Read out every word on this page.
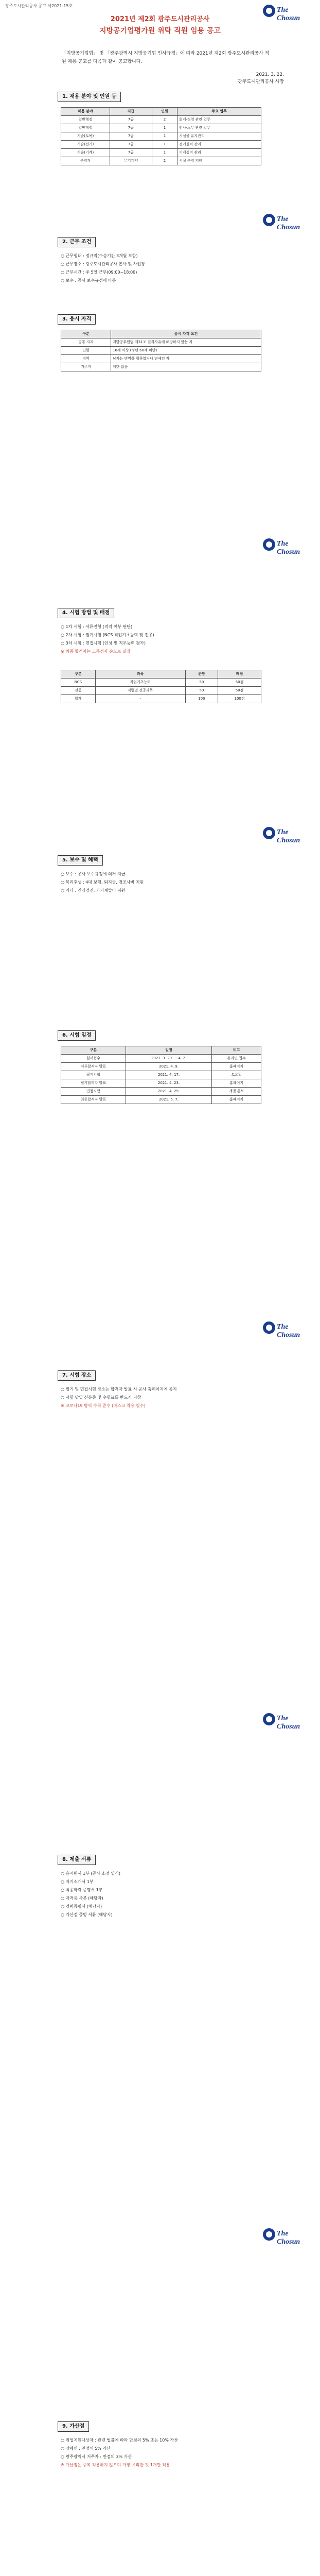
광주도시관리공사 공고 제2021-15호
The Chosun
2021년 제2회 광주도시관리공사
지방공기업평가원 위탁 직원 임용 공고
「지방공기업법」 및 「광주광역시 지방공기업 인사규정」에 따라 2021년 제2회 광주도시관리공사 직원 채용 공고를 다음과 같이 공고합니다.
2021. 3. 22.
광주도시관리공사 사장
1. 채용 분야 및 인원 등
채용 분야	직급	인원	주요 업무
일반행정	7급	2	회계·경영 관련 업무
일반행정	7급	1	인사·노무 관련 업무
기술(토목)	7급	1	시설물 유지관리
기술(전기)	7급	1	전기설비 관리
기술(기계)	7급	1	기계설비 관리
운영직	무기계약	2	시설 운영 지원
The Chosun
2. 근무 조건

○ 근무형태 : 정규직(수습기간 3개월 포함)

○ 근무장소 : 광주도시관리공사 본사 및 사업장

○ 근무시간 : 주 5일 근무(09:00~18:00)

○ 보수 : 공사 보수규정에 따름

3. 응시 자격
구분	응시 자격 요건
공통 자격	지방공무원법 제31조 결격사유에 해당하지 않는 자
연령	18세 이상 (정년 60세 미만)
병역	남자는 병역을 필하였거나 면제된 자
거주지	제한 없음
The Chosun
4. 시험 방법 및 배점

○ 1차 시험 : 서류전형 (적격 여부 판단)

○ 2차 시험 : 필기시험 (NCS 직업기초능력 및 전공)

○ 3차 시험 : 면접시험 (인성 및 직무능력 평가)

※ 최종 합격자는 고득점자 순으로 결정

구분	과목	문항	배점
NCS	직업기초능력	50	50점
전공	직렬별 전공과목	50	50점
합계	-	100	100점
The Chosun
5. 보수 및 혜택

○ 보수 : 공사 보수규정에 의거 지급

○ 복리후생 : 4대 보험, 퇴직금, 경조사비 지원

○ 기타 : 건강검진, 자기계발비 지원

6. 시험 일정
구분	일정	비고
원서접수	2021. 3. 29. ~ 4. 2.	온라인 접수
서류합격자 발표	2021. 4. 9.	홈페이지
필기시험	2021. 4. 17.	토요일
필기합격자 발표	2021. 4. 23.	홈페이지
면접시험	2021. 4. 29.	개별 통보
최종합격자 발표	2021. 5. 7.	홈페이지
The Chosun
7. 시험 장소

○ 필기 및 면접시험 장소는 합격자 발표 시 공사 홈페이지에 공지

○ 시험 당일 신분증 및 수험표를 반드시 지참

※ 코로나19 방역 수칙 준수 (마스크 착용 필수)

The Chosun
8. 제출 서류

○ 응시원서 1부 (공사 소정 양식)

○ 자기소개서 1부

○ 최종학력 증명서 1부

○ 자격증 사본 (해당자)

○ 경력증명서 (해당자)

○ 가산점 증빙 서류 (해당자)

The Chosun
9. 가산점

○ 취업지원대상자 : 관련 법률에 따라 만점의 5% 또는 10% 가산

○ 장애인 : 만점의 5% 가산

○ 광주광역시 거주자 : 만점의 3% 가산

※ 가산점은 중복 적용하지 않으며 가장 유리한 것 1개만 적용
